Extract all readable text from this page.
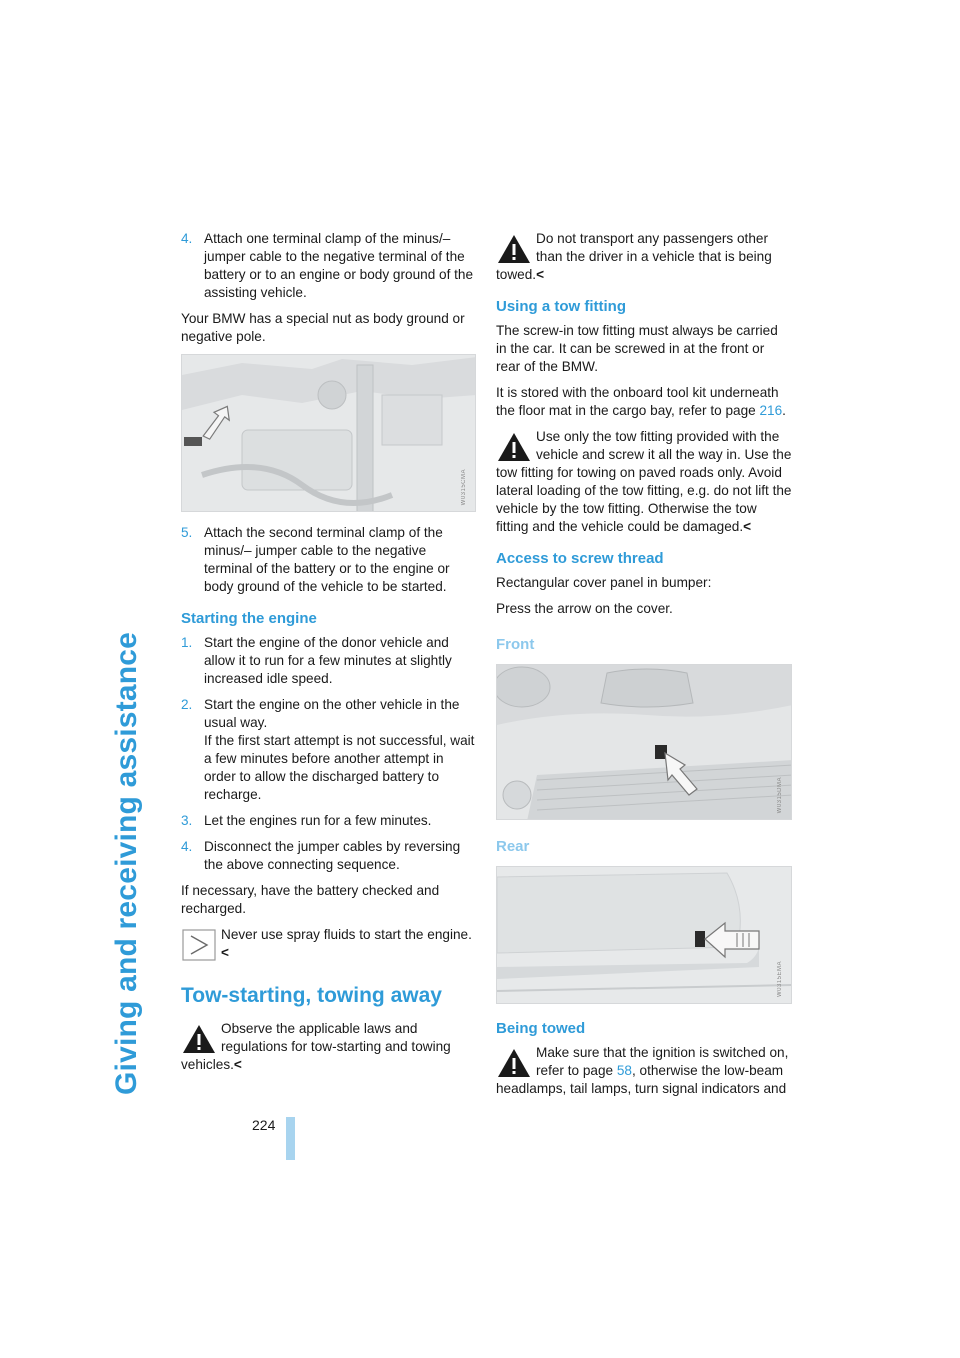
Giving and receiving assistance
224
4. Attach one terminal clamp of the minus/– jumper cable to the negative terminal of the battery or to an engine or body ground of the assisting vehicle.

Your BMW has a special nut as body ground or negative pole.

W0315CMA
5. Attach the second terminal clamp of the minus/– jumper cable to the negative terminal of the battery or to the engine or body ground of the vehicle to be started.
Starting the engine
1. Start the engine of the donor vehicle and allow it to run for a few minutes at slightly increased idle speed.
2. Start the engine on the other vehicle in the usual way.
If the first start attempt is not successful, wait a few minutes before another attempt in order to allow the discharged battery to recharge.
3. Let the engines run for a few minutes.
4. Disconnect the jumper cables by reversing the above connecting sequence.

If necessary, have the battery checked and recharged.

Never use spray fluids to start the engine.<
Tow-starting, towing away
Observe the applicable laws and regulations for tow-starting and towing vehicles.<
Do not transport any passengers other than the driver in a vehicle that is being towed.<
Using a tow fitting

The screw-in tow fitting must always be carried in the car. It can be screwed in at the front or rear of the BMW.

It is stored with the onboard tool kit underneath the floor mat in the cargo bay, refer to page 216.

Use only the tow fitting provided with the vehicle and screw it all the way in. Use the tow fitting for towing on paved roads only. Avoid lateral loading of the tow fitting, e.g. do not lift the vehicle by the tow fitting. Otherwise the tow fitting and the vehicle could be damaged.<
Access to screw thread

Rectangular cover panel in bumper:

Press the arrow on the cover.

Front
W0315DMA
Rear
W0315EMA
Being towed
Make sure that the ignition is switched on, refer to page 58, otherwise the low-beam headlamps, tail lamps, turn signal indicators and
